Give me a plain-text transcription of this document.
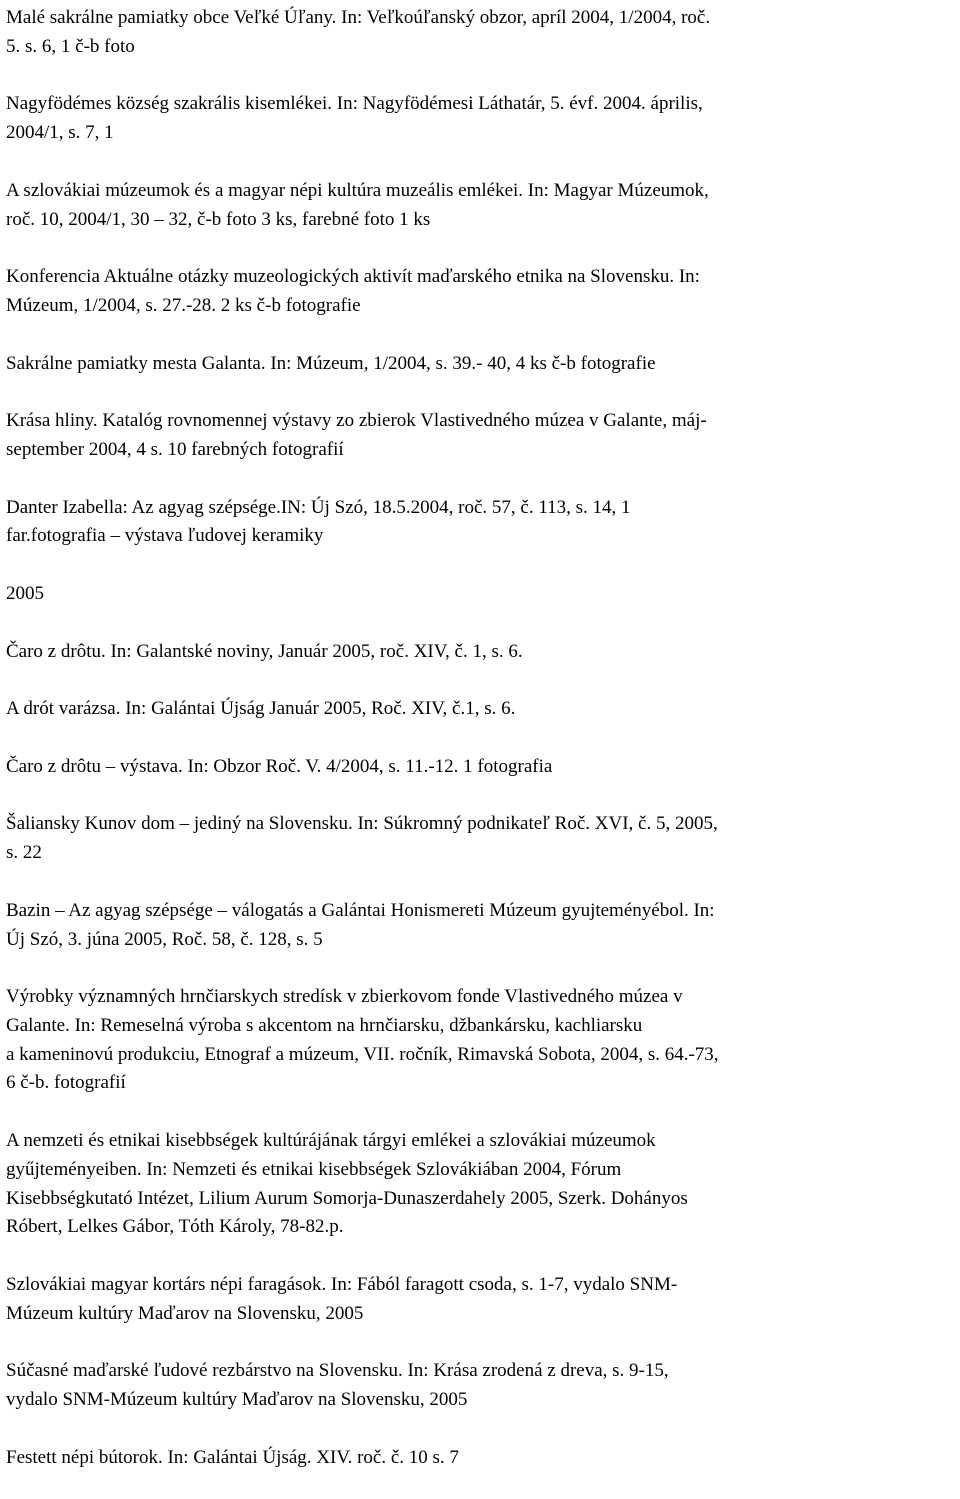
Malé sakrálne pamiatky obce Veľké Úľany. In: Veľkoúľanský obzor, apríl 2004, 1/2004, roč.
5. s. 6, 1 č-b foto

Nagyfödémes község szakrális kisemlékei. In: Nagyfödémesi Láthatár, 5. évf. 2004. április,
2004/1, s. 7, 1

A szlovákiai múzeumok és a magyar népi kultúra muzeális emlékei. In: Magyar Múzeumok,
roč. 10, 2004/1, 30 – 32, č-b foto 3 ks, farebné foto 1 ks

Konferencia Aktuálne otázky muzeologických aktivít maďarského etnika na Slovensku. In:
Múzeum, 1/2004, s. 27.-28. 2 ks č-b fotografie

Sakrálne pamiatky mesta Galanta. In: Múzeum, 1/2004, s. 39.- 40, 4 ks č-b fotografie

Krása hliny. Katalóg rovnomennej výstavy zo zbierok Vlastivedného múzea v Galante, máj-
september 2004, 4 s. 10 farebných fotografií

Danter Izabella: Az agyag szépsége.IN: Új Szó, 18.5.2004, roč. 57, č. 113, s. 14, 1
far.fotografia – výstava ľudovej keramiky

2005

Čaro z drôtu. In: Galantské noviny, Január 2005, roč. XIV, č. 1, s. 6.

A drót varázsa. In: Galántai Újság Január 2005, Roč. XIV, č.1, s. 6.

Čaro z drôtu – výstava. In: Obzor Roč. V. 4/2004, s. 11.-12. 1 fotografia

Šaliansky Kunov dom – jediný na Slovensku. In: Súkromný podnikateľ Roč. XVI, č. 5, 2005,
s. 22

Bazin – Az agyag szépsége – válogatás a Galántai Honismereti Múzeum gyujteményébol. In:
Új Szó, 3. júna 2005, Roč. 58, č. 128, s. 5

Výrobky významných hrnčiarskych stredísk v zbierkovom fonde Vlastivedného múzea v
Galante. In: Remeselná výroba s akcentom na hrnčiarsku, džbankársku, kachliarsku
a kameninovú produkciu, Etnograf a múzeum, VII. ročník, Rimavská Sobota, 2004, s. 64.-73,
6 č-b. fotografií

A nemzeti és etnikai kisebbségek kultúrájának tárgyi emlékei a szlovákiai múzeumok
gyűjteményeiben. In: Nemzeti és etnikai kisebbségek Szlovákiában 2004, Fórum
Kisebbségkutató Intézet, Lilium Aurum Somorja-Dunaszerdahely 2005, Szerk. Dohányos
Róbert, Lelkes Gábor, Tóth Károly, 78-82.p.

Szlovákiai magyar kortárs népi faragások. In: Fából faragott csoda, s. 1-7, vydalo SNM-
Múzeum kultúry Maďarov na Slovensku, 2005

Súčasné maďarské ľudové rezbárstvo na Slovensku. In: Krása zrodená z dreva, s. 9-15,
vydalo SNM-Múzeum kultúry Maďarov na Slovensku, 2005

Festett népi bútorok. In: Galántai Újság. XIV. roč. č. 10 s. 7
